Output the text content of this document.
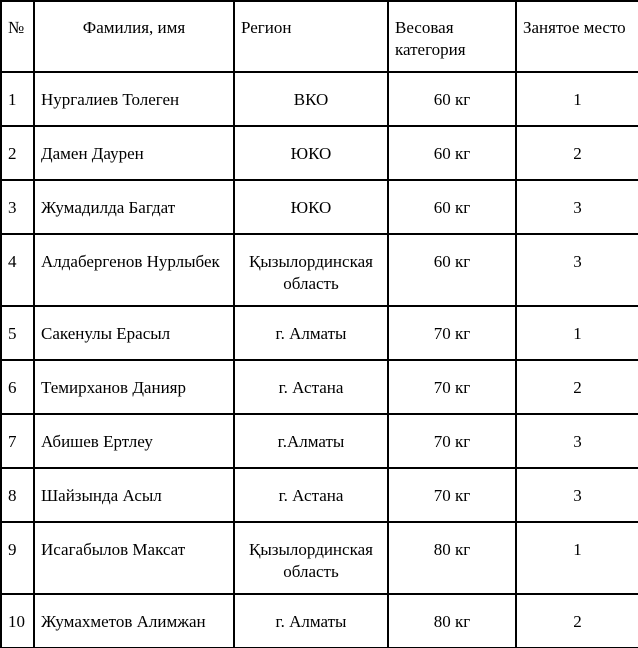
№	Фамилия, имя	Регион	Весовая категория	Занятое место
1	Нургалиев Толеген	ВКО	60 кг	1
2	Дамен Даурен	ЮКО	60 кг	2
3	Жумадилда Багдат	ЮКО	60 кг	3
4	Алдабергенов Нурлыбек	Қызылординская область	60 кг	3
5	Сакенулы Ерасыл	г. Алматы	70 кг	1
6	Темирханов Данияр	г. Астана	70 кг	2
7	Абишев Ертлеу	г.Алматы	70 кг	3
8	Шайзында Асыл	г. Астана	70 кг	3
9	Исагабылов Максат	Қызылординская область	80 кг	1
10	Жумахметов Алимжан	г. Алматы	80 кг	2
